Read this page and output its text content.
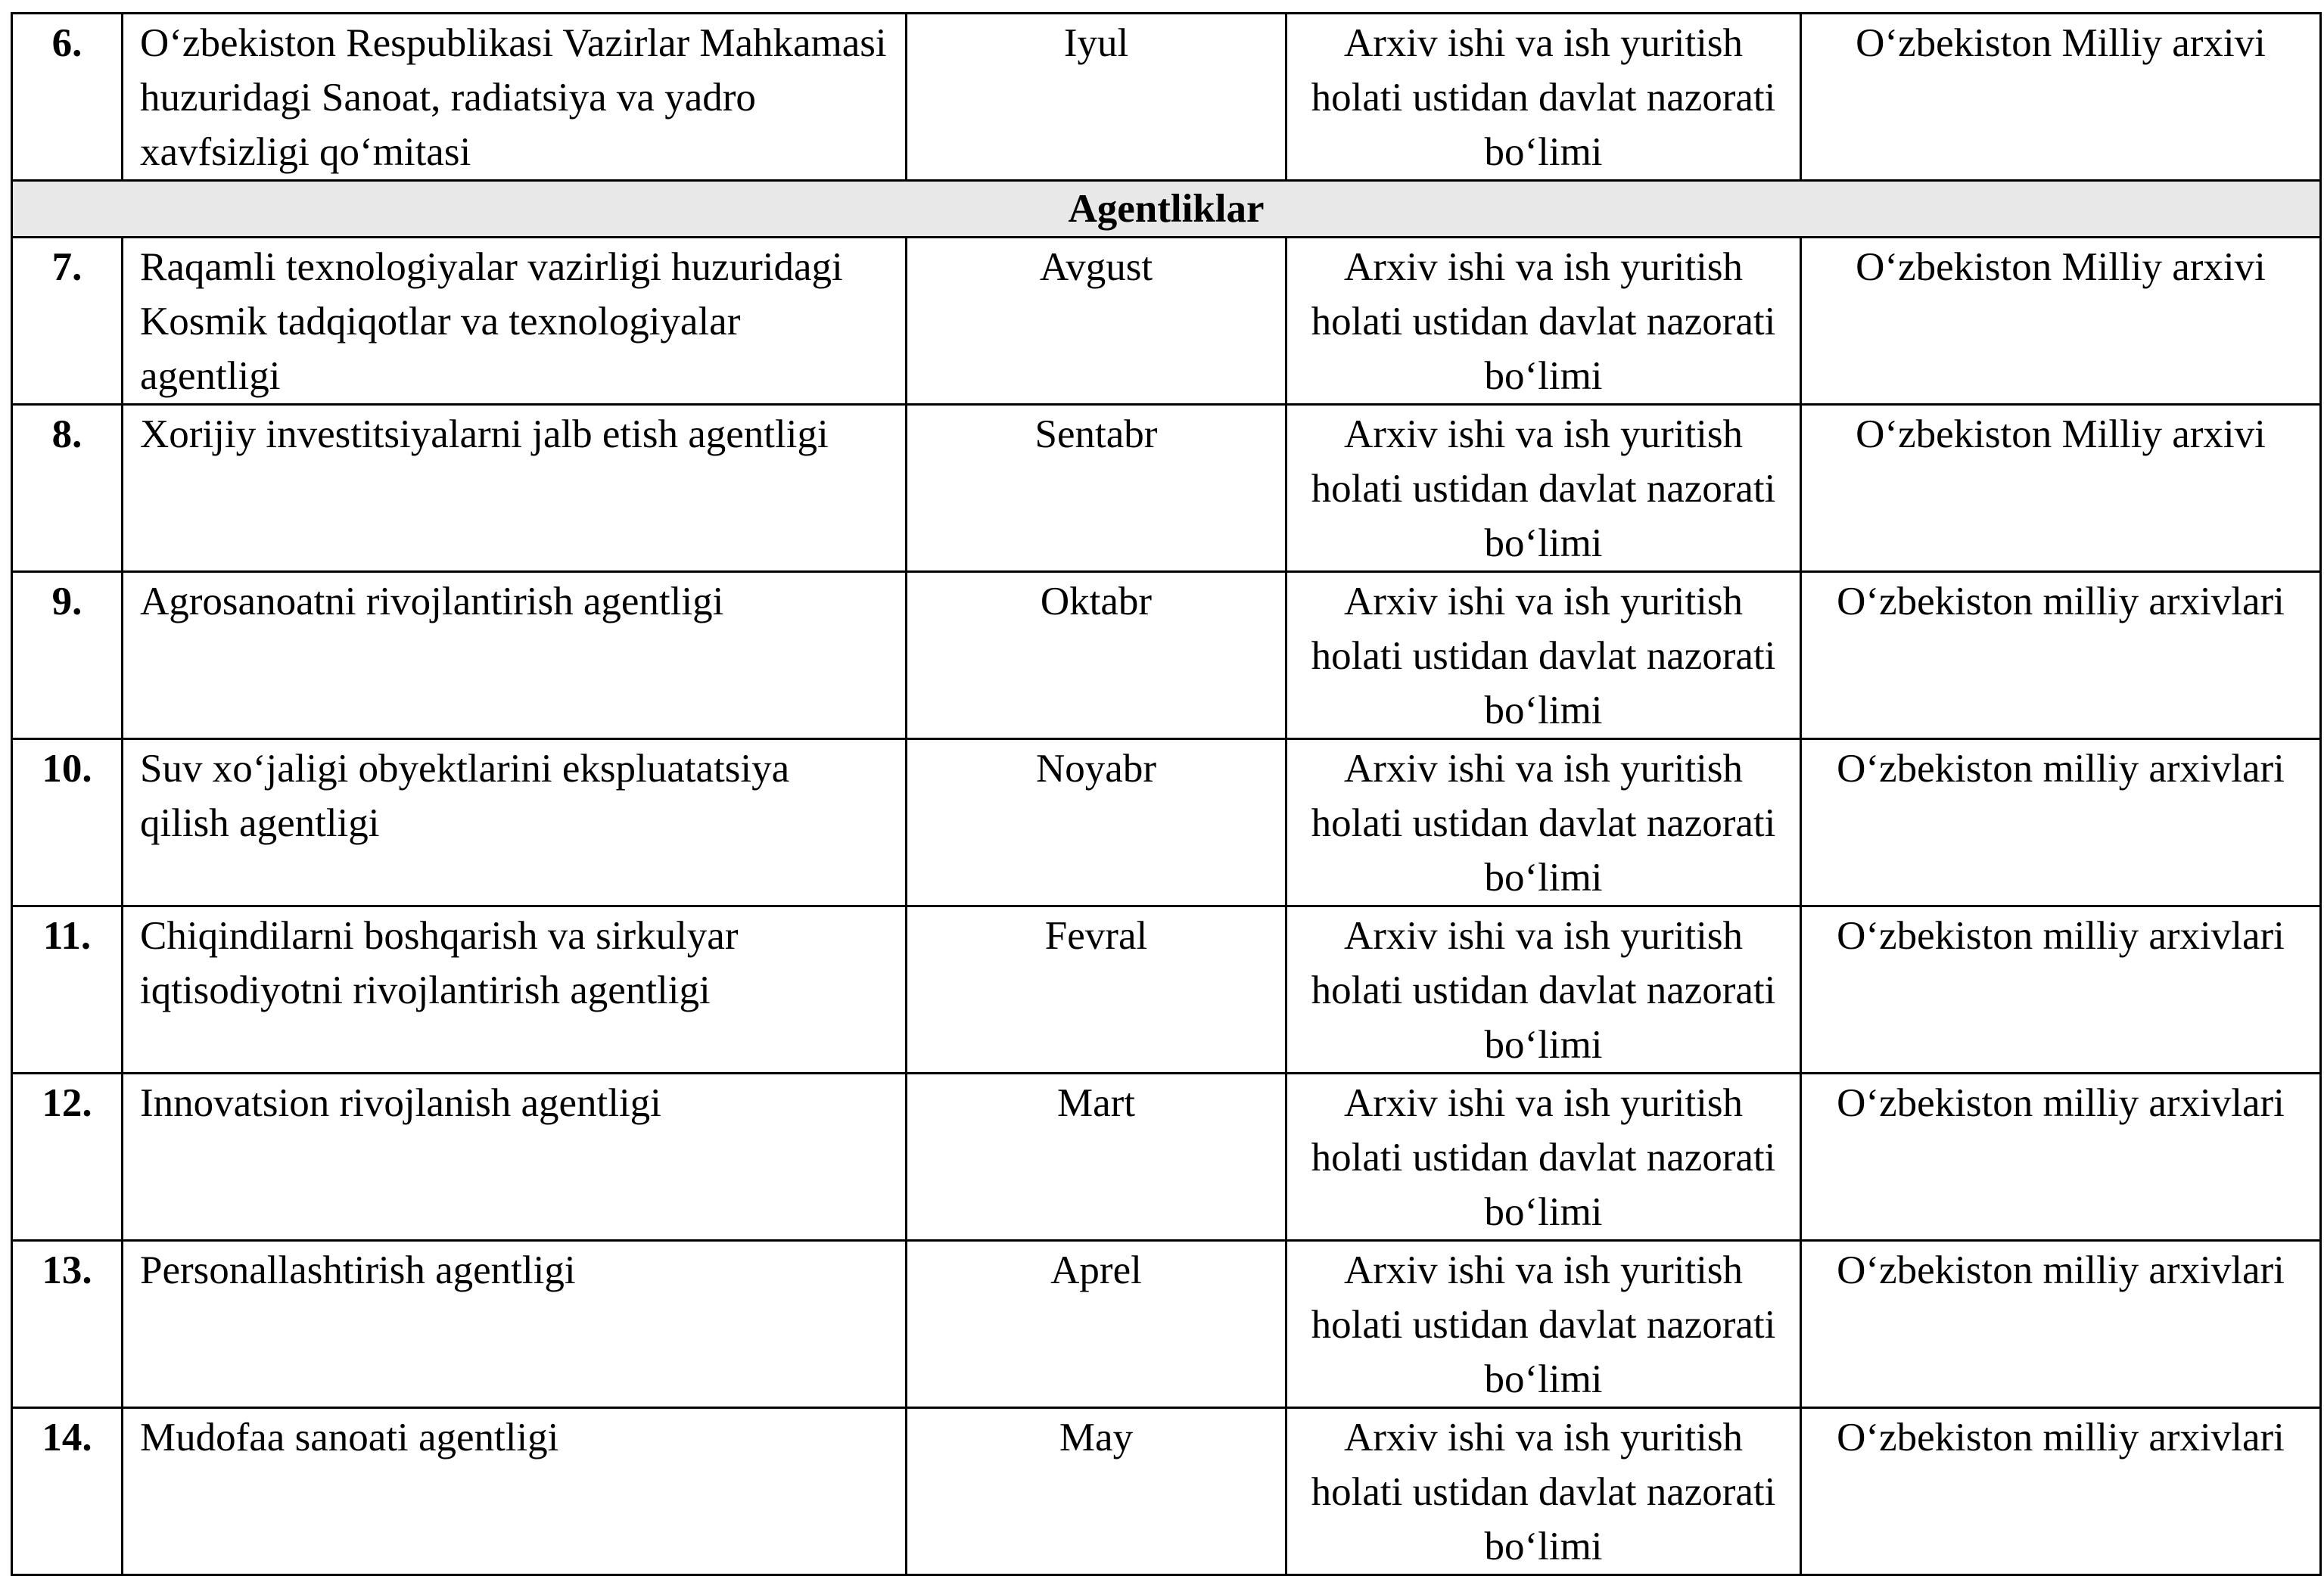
6.	O‘zbekiston Respublikasi Vazirlar Mahkamasi huzuridagi Sanoat, radiatsiya va yadro xavfsizligi qo‘mitasi	Iyul	Arxiv ishi va ish yuritish holati ustidan davlat nazorati bo‘limi	O‘zbekiston Milliy arxivi
Agentliklar				
7.	Raqamli texnologiyalar vazirligi huzuridagi Kosmik tadqiqotlar va texnologiyalar agentligi	Avgust	Arxiv ishi va ish yuritish holati ustidan davlat nazorati bo‘limi	O‘zbekiston Milliy arxivi
8.	Xorijiy investitsiyalarni jalb etish agentligi	Sentabr	Arxiv ishi va ish yuritish holati ustidan davlat nazorati bo‘limi	O‘zbekiston Milliy arxivi
9.	Agrosanoatni rivojlantirish agentligi	Oktabr	Arxiv ishi va ish yuritish holati ustidan davlat nazorati bo‘limi	O‘zbekiston milliy arxivlari
10.	Suv xo‘jaligi obyektlarini ekspluatatsiya qilish agentligi	Noyabr	Arxiv ishi va ish yuritish holati ustidan davlat nazorati bo‘limi	O‘zbekiston milliy arxivlari
11.	Chiqindilarni boshqarish va sirkulyar iqtisodiyotni rivojlantirish agentligi	Fevral	Arxiv ishi va ish yuritish holati ustidan davlat nazorati bo‘limi	O‘zbekiston milliy arxivlari
12.	Innovatsion rivojlanish agentligi	Mart	Arxiv ishi va ish yuritish holati ustidan davlat nazorati bo‘limi	O‘zbekiston milliy arxivlari
13.	Personallashtirish agentligi	Aprel	Arxiv ishi va ish yuritish holati ustidan davlat nazorati bo‘limi	O‘zbekiston milliy arxivlari
14.	Mudofaa sanoati agentligi	May	Arxiv ishi va ish yuritish holati ustidan davlat nazorati bo‘limi	O‘zbekiston milliy arxivlari
